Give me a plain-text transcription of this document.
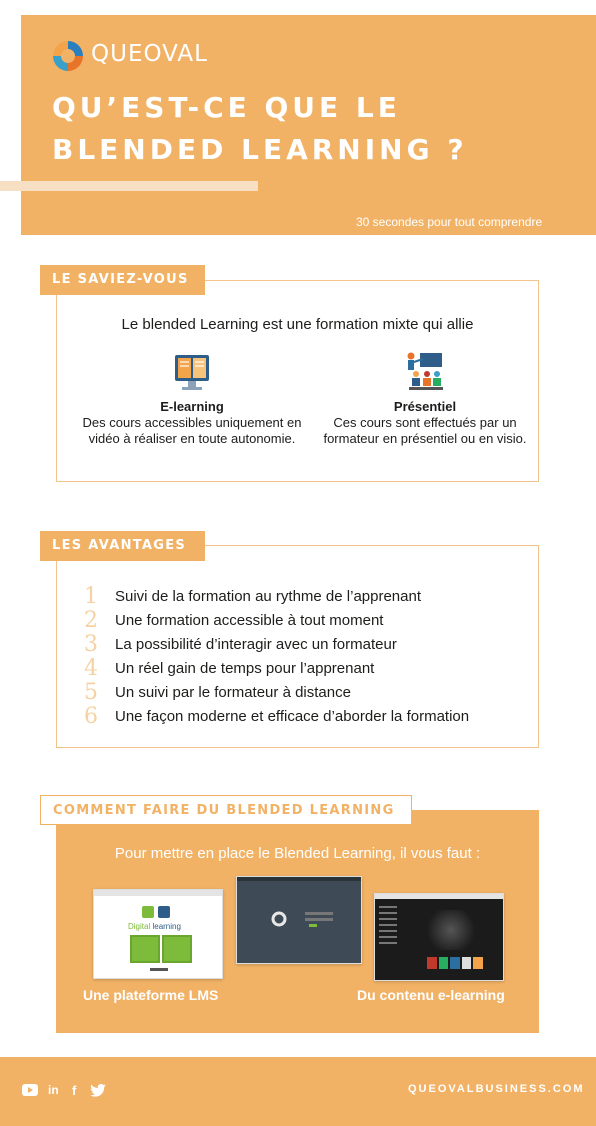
QUEOVAL
QU’EST-CE QUE LE
BLENDED LEARNING ?
30 secondes pour tout comprendre
LE SAVIEZ-VOUS
Le blended Learning est une formation mixte qui allie
E-learning
Des cours accessibles uniquement en vidéo à réaliser en toute autonomie.
Présentiel
Ces cours sont effectués par un formateur en présentiel ou en visio.
LES AVANTAGES
1	Suivi de la formation au rythme de l’apprenant
2	Une formation accessible à tout moment
3	La possibilité d’interagir avec un formateur
4	Un réel gain de temps pour l’apprenant
5	Un suivi par le formateur à distance
6	Une façon moderne et efficace d’aborder la formation
COMMENT FAIRE DU BLENDED LEARNING
Pour mettre en place le Blended Learning, il vous faut :
Digital learning
Une plateforme LMS	Du contenu e-learning
in f	QUEOVALBUSINESS.COM
